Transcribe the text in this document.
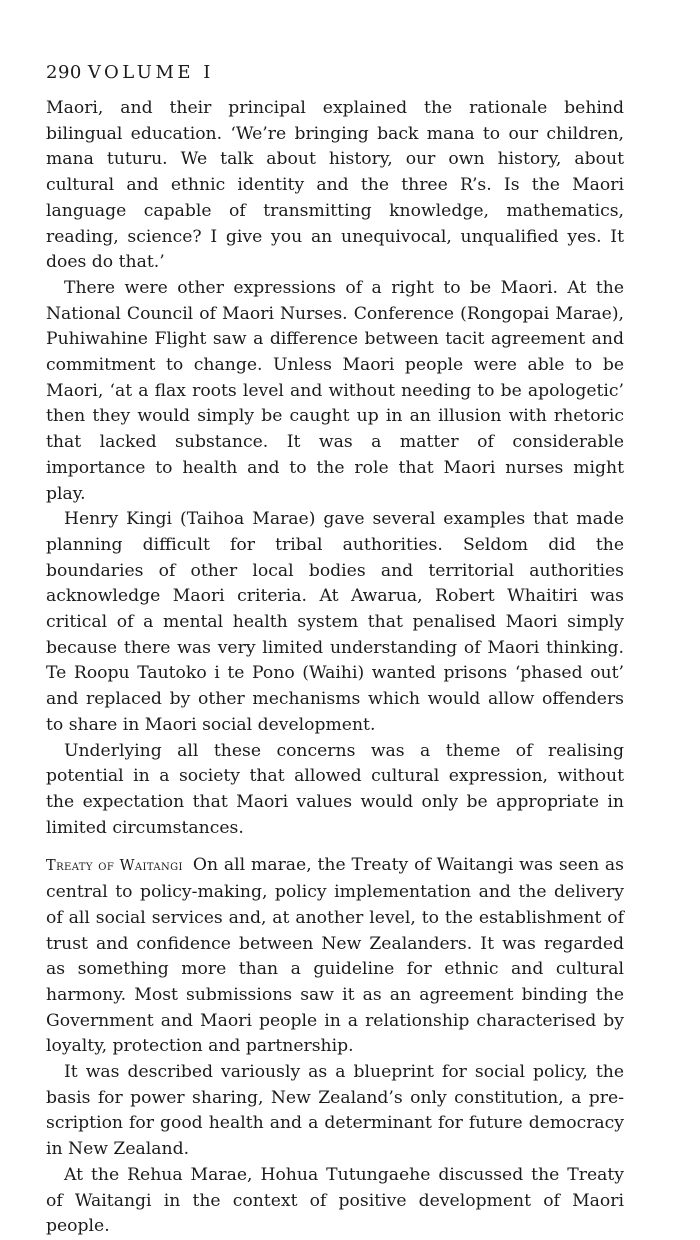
290 VOLUME I

Maori, and their principal explained the rationale behind bilingual education. ‘We’re bringing back mana to our children, mana tuturu. We talk about history, our own history, about cultural and ethnic identity and the three R’s. Is the Maori language capable of transmitting knowledge, mathematics, reading, science? I give you an unequivocal, unqualified yes. It does do that.’

There were other expressions of a right to be Maori. At the National Council of Maori Nurses. Conference (Rongopai Marae), Puhiwahine Flight saw a difference between tacit agreement and commitment to change. Unless Maori people were able to be Maori, ‘at a flax roots level and without needing to be apologetic’ then they would simply be caught up in an illusion with rhetoric that lacked substance. It was a matter of considerable importance to health and to the role that Maori nurses might play.

Henry Kingi (Taihoa Marae) gave several examples that made planning difficult for tribal authorities. Seldom did the boundaries of other local bodies and territorial authorities acknowledge Maori criteria. At Awarua, Robert Whaitiri was critical of a mental health system that penalised Maori simply because there was very limited understanding of Maori thinking. Te Roopu Tautoko i te Pono (Waihi) wanted prisons ‘phased out’ and replaced by other mechanisms which would allow offenders to share in Maori social development.

Underlying all these concerns was a theme of realising potential in a society that allowed cultural expression, without the expectation that Maori values would only be appropriate in limited circumstances.

Treaty of Waitangi On all marae, the Treaty of Waitangi was seen as central to policy-making, policy implementation and the delivery of all social services and, at another level, to the establishment of trust and confidence between New Zealanders. It was regarded as something more than a guideline for ethnic and cultural harmony. Most submissions saw it as an agreement binding the Government and Maori people in a relationship characterised by loyalty, protection and partnership.

It was described variously as a blueprint for social policy, the basis for power sharing, New Zealand’s only constitution, a prescription for good health and a determinant for future democracy in New Zealand.

At the Rehua Marae, Hohua Tutungaehe discussed the Treaty of Waitangi in the context of positive development of Maori people.
